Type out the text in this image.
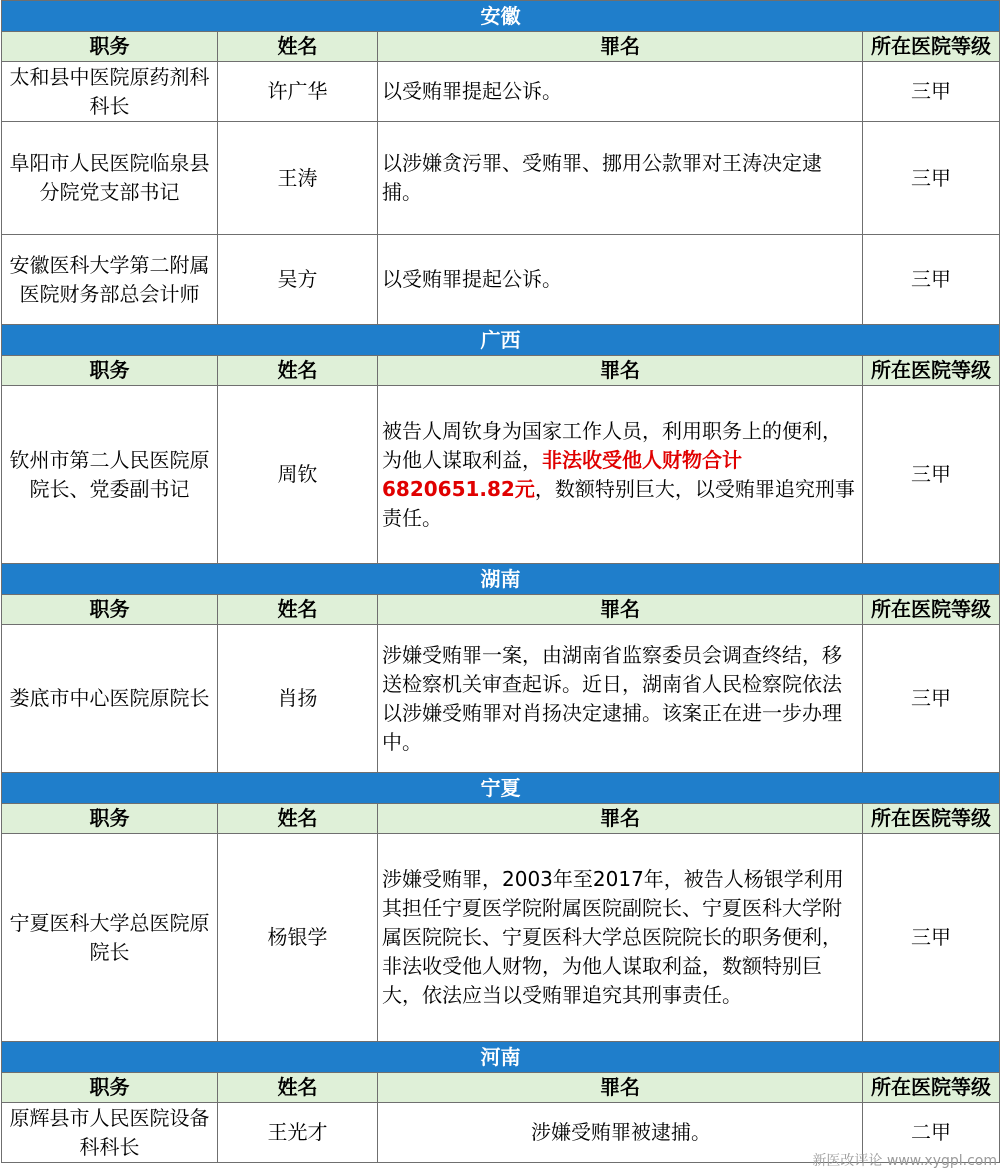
安徽			
职务	姓名	罪名	所在医院等级
太和县中医院原药剂科科长	许广华	以受贿罪提起公诉。	三甲
阜阳市人民医院临泉县分院党支部书记	王涛	以涉嫌贪污罪、受贿罪、挪用公款罪对王涛决定逮捕。	三甲
安徽医科大学第二附属医院财务部总会计师	吴方	以受贿罪提起公诉。	三甲
广西			
职务	姓名	罪名	所在医院等级
钦州市第二人民医院原院长、党委副书记	周钦	被告人周钦身为国家工作人员，利用职务上的便利，为他人谋取利益，非法收受他人财物合计6820651.82元，数额特别巨大，以受贿罪追究刑事责任。	三甲
湖南			
职务	姓名	罪名	所在医院等级
娄底市中心医院原院长	肖扬	涉嫌受贿罪一案，由湖南省监察委员会调查终结，移送检察机关审查起诉。近日，湖南省人民检察院依法以涉嫌受贿罪对肖扬决定逮捕。该案正在进一步办理中。	三甲
宁夏			
职务	姓名	罪名	所在医院等级
宁夏医科大学总医院原院长	杨银学	涉嫌受贿罪，2003年至2017年，被告人杨银学利用其担任宁夏医学院附属医院副院长、宁夏医科大学附属医院院长、宁夏医科大学总医院院长的职务便利，非法收受他人财物，为他人谋取利益，数额特别巨大，依法应当以受贿罪追究其刑事责任。	三甲
河南			
职务	姓名	罪名	所在医院等级
原辉县市人民医院设备科科长	王光才	涉嫌受贿罪被逮捕。	二甲
新医改评论 www.xygpl.com
